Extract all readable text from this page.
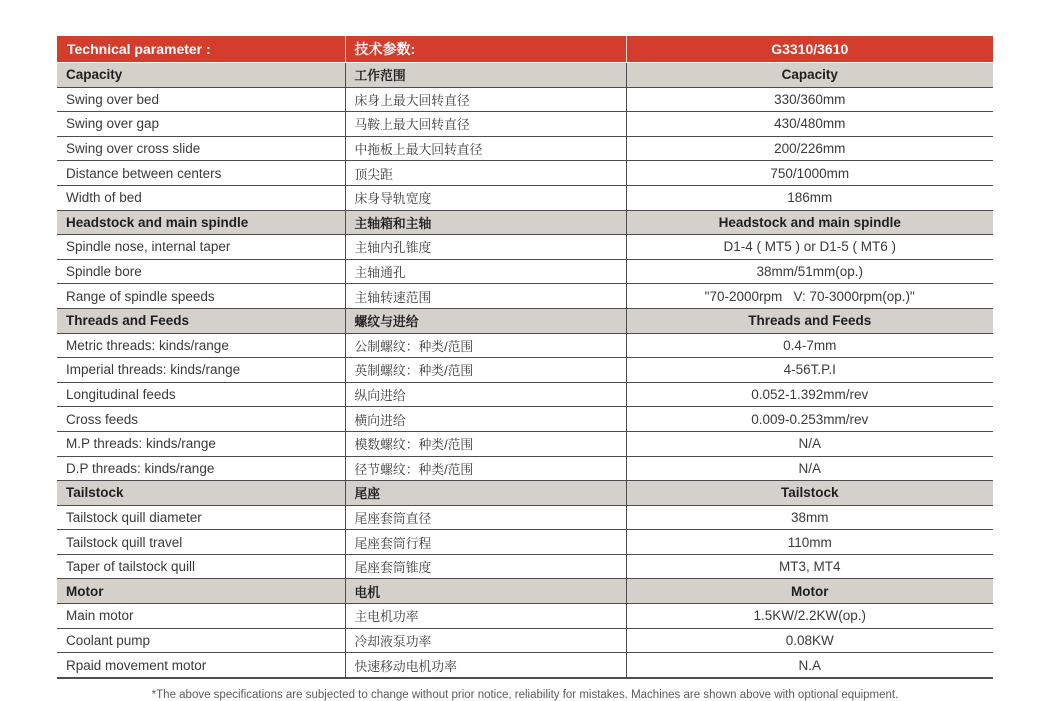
Technical parameter :	技术参数:	G3310/3610
Capacity	工作范围	Capacity
Swing over bed	床身上最大回转直径	330/360mm
Swing over gap	马鞍上最大回转直径	430/480mm
Swing over cross slide	中拖板上最大回转直径	200/226mm
Distance between centers	顶尖距	750/1000mm
Width of bed	床身导轨宽度	186mm
Headstock and main spindle	主轴箱和主轴	Headstock and main spindle
Spindle nose, internal taper	主轴内孔锥度	D1-4 ( MT5 ) or D1-5 ( MT6 )
Spindle bore	主轴通孔	38mm/51mm(op.)
Range of spindle speeds	主轴转速范围	"70-2000rpm   V: 70-3000rpm(op.)"
Threads and Feeds	螺纹与进给	Threads and Feeds
Metric threads: kinds/range	公制螺纹：种类/范围	0.4-7mm
Imperial threads: kinds/range	英制螺纹：种类/范围	4-56T.P.I
Longitudinal feeds	纵向进给	0.052-1.392mm/rev
Cross feeds	横向进给	0.009-0.253mm/rev
M.P threads: kinds/range	模数螺纹：种类/范围	N/A
D.P threads: kinds/range	径节螺纹：种类/范围	N/A
Tailstock	尾座	Tailstock
Tailstock quill diameter	尾座套筒直径	38mm
Tailstock quill travel	尾座套筒行程	110mm
Taper of tailstock quill	尾座套筒锥度	MT3, MT4
Motor	电机	Motor
Main motor	主电机功率	1.5KW/2.2KW(op.)
Coolant pump	冷却液泵功率	0.08KW
Rpaid movement motor	快速移动电机功率	N.A
*The above specifications are subjected to change without prior notice, reliability for mistakes. Machines are shown above with optional equipment.
